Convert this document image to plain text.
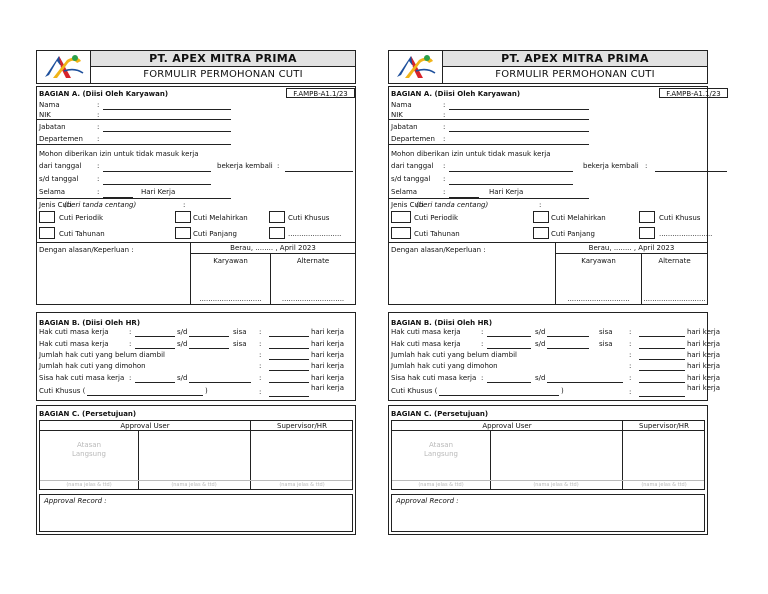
PT. APEX MITRA PRIMA
FORMULIR PERMOHONAN CUTI
BAGIAN A. (Diisi Oleh Karyawan)	F.AMPB-A1.1/23
Nama	:
NIK	:
Jabatan	:
Departemen :
Mohon diberikan izin untuk tidak masuk kerja
dari tanggal :	bekerja kembali :
s/d tanggal	:
Selama	:	Hari Kerja
Jenis Cuti
(beri tanda centang)	:
Cuti Periodik	Cuti Melahirkan	Cuti Khusus
Cuti Tahunan	Cuti Panjang	........................
Dengan alasan/Keperluan :	Berau, ........ , April 2023
Karyawan	Alternate
............................	............................
BAGIAN B. (Diisi Oleh HR)
Hak cuti masa kerja	:	s/d	sisa :	hari kerja
Hak cuti masa kerja	:	s/d	sisa :	hari kerja
Jumlah hak cuti yang belum diambil	:	hari kerja
Jumlah hak cuti yang dimohon	:	hari kerja
Sisa hak cuti masa kerja :	s/d	:	hari kerja
Cuti Khusus (	)	:	hari kerja
BAGIAN C. (Persetujuan)
Approval User	Supervisor/HR
Atasan
Langsung
(nama jelas & ttd)	(nama jelas & ttd)	(nama jelas & ttd)
Approval Record :
PT. APEX MITRA PRIMA
FORMULIR PERMOHONAN CUTI
BAGIAN A. (Diisi Oleh Karyawan)	F.AMPB-A1.1/23
Nama	:
NIK	:
Jabatan	:
Departemen :
Mohon diberikan izin untuk tidak masuk kerja
dari tanggal :	bekerja kembali :
s/d tanggal :
Selama	:	Hari Kerja
Jenis Cuti
(beri tanda centang)	:
Cuti Periodik	Cuti Melahirkan	Cuti Khusus
Cuti Tahunan	Cuti Panjang	........................
Dengan alasan/Keperluan :	Berau, ........ , April 2023
Karyawan	Alternate
............................	............................
BAGIAN B. (Diisi Oleh HR)
Hak cuti masa kerja	:	s/d	sisa :	hari kerja
Hak cuti masa kerja	:	s/d	sisa :	hari kerja
Jumlah hak cuti yang belum diambil	:	hari kerja
Jumlah hak cuti yang dimohon	:	hari kerja
Sisa hak cuti masa kerja :	s/d	:	hari kerja
Cuti Khusus (	)	:	hari kerja
BAGIAN C. (Persetujuan)
Approval User	Supervisor/HR
Atasan
Langsung
(nama jelas & ttd)	(nama jelas & ttd)	(nama jelas & ttd)
Approval Record :
